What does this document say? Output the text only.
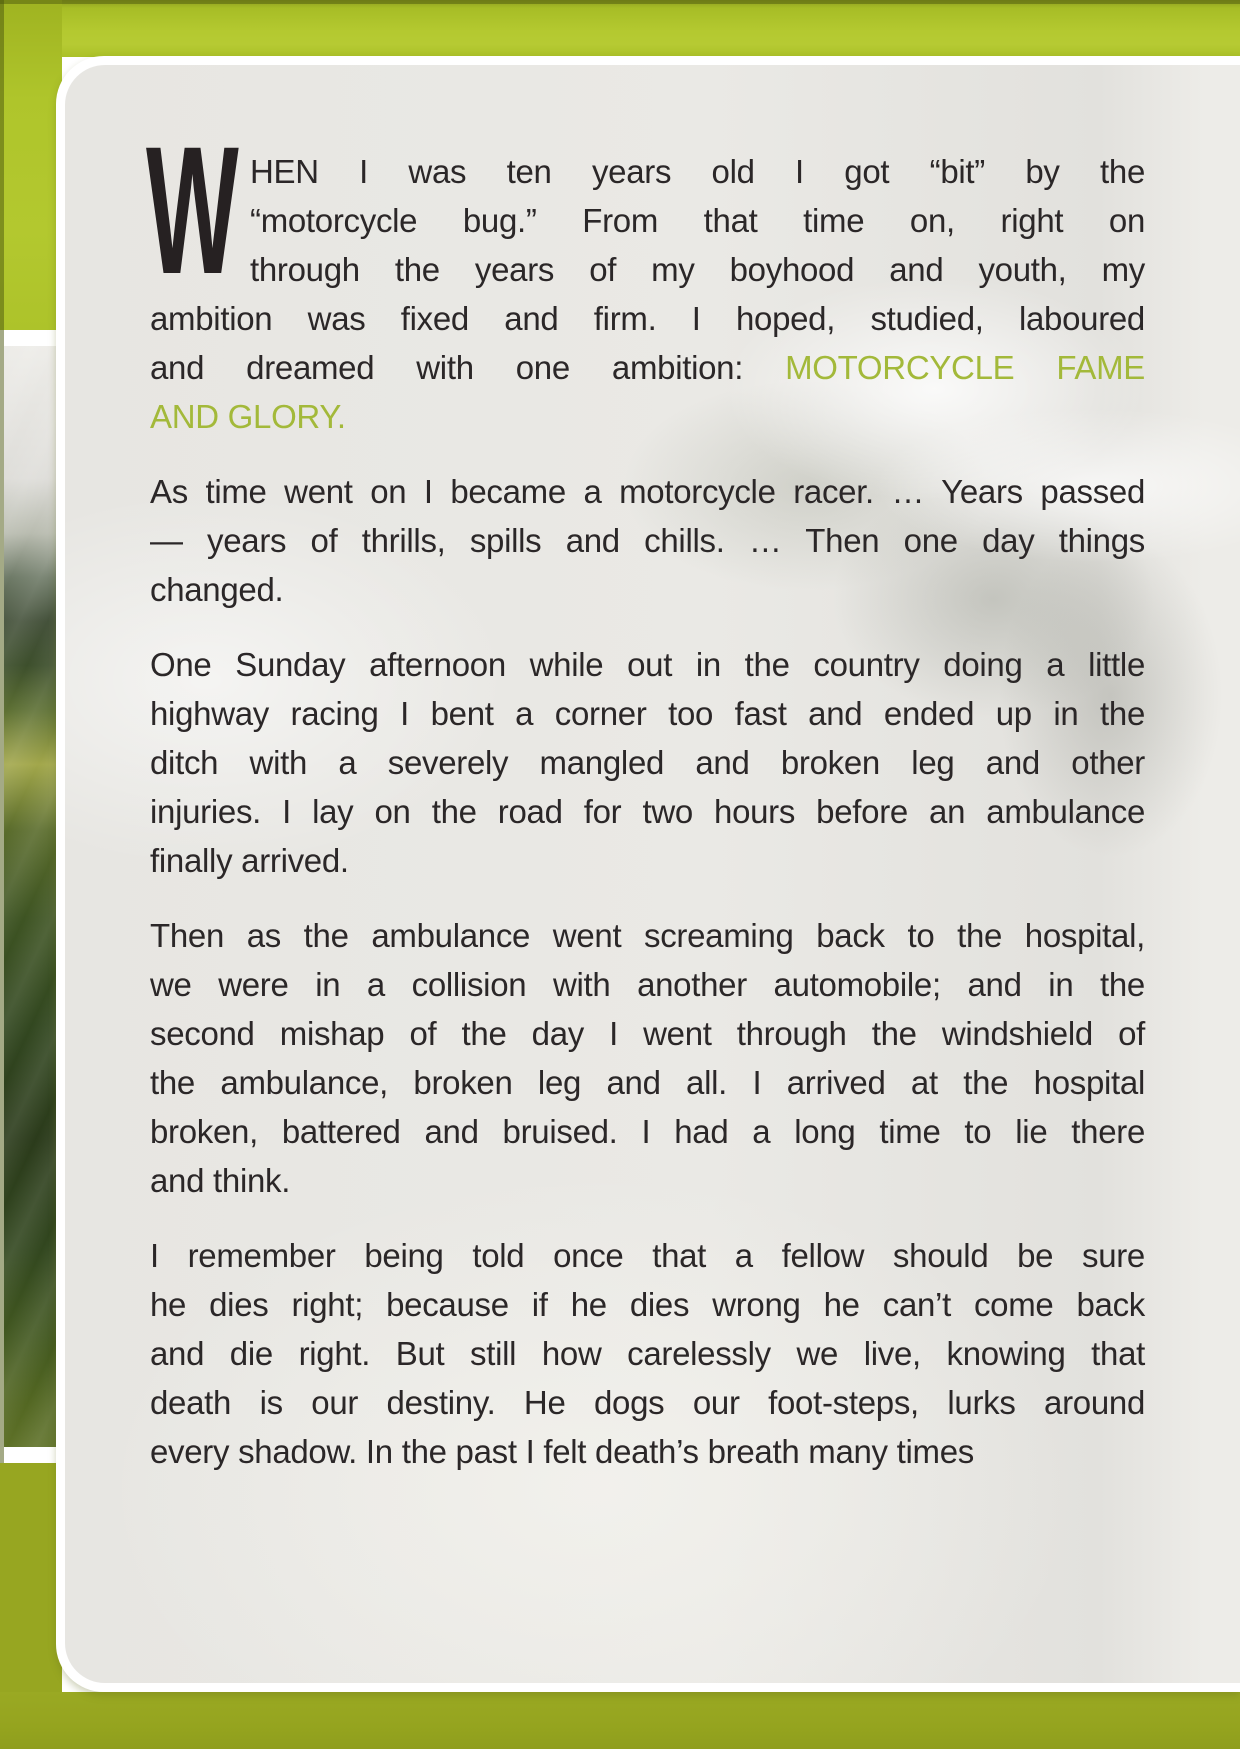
W HEN I was ten years old I got “bit” by the
“motorcycle bug.” From that time on, right on
through the years of my boyhood and youth, my
ambition was fixed and firm. I hoped, studied, laboured
and dreamed with one ambition: MOTORCYCLE FAME
AND GLORY.
As time went on I became a motorcycle racer. … Years passed
— years of thrills, spills and chills. … Then one day things
changed.
One Sunday afternoon while out in the country doing a little
highway racing I bent a corner too fast and ended up in the
ditch with a severely mangled and broken leg and other
injuries. I lay on the road for two hours before an ambulance
finally arrived.
Then as the ambulance went screaming back to the hospital,
we were in a collision with another automobile; and in the
second mishap of the day I went through the windshield of
the ambulance, broken leg and all. I arrived at the hospital
broken, battered and bruised. I had a long time to lie there
and think.
I remember being told once that a fellow should be sure
he dies right; because if he dies wrong he can’t come back
and die right. But still how carelessly we live, knowing that
death is our destiny. He dogs our foot-steps, lurks around
every shadow. In the past I felt death’s breath many times
